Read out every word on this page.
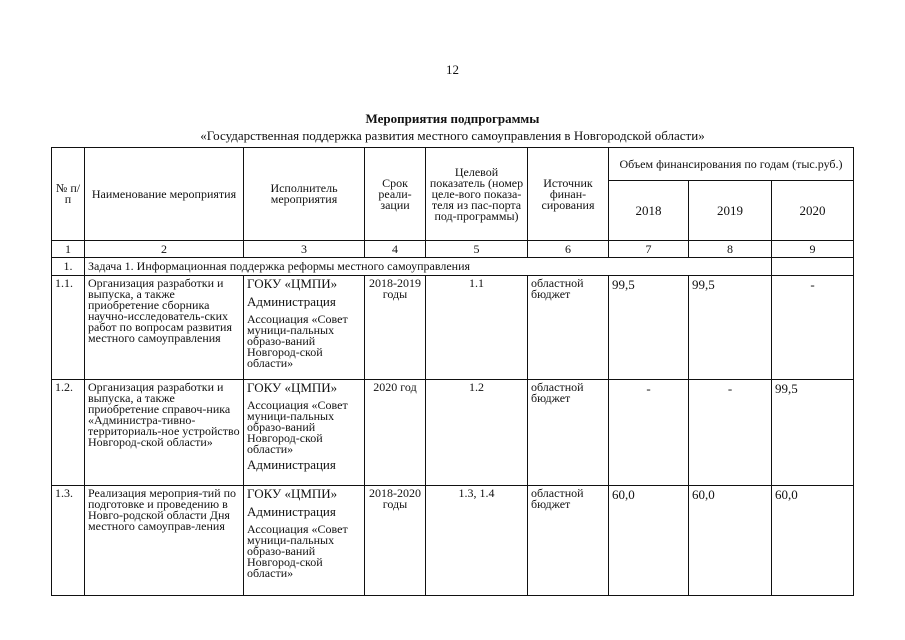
12
Мероприятия подпрограммы
«Государственная поддержка развития местного самоуправления в Новгородской области»
№ п/п	Наименование мероприятия	Исполнитель мероприятия	Срок реали-зации	Целевой показатель (номер целе-вого показа-теля из пас-порта под-программы)	Источник финан-сирования	Объем финансирования по годам (тыс.руб.)		
						2018	2019	2020
1	2	3	4	5	6	7	8	9
1.	Задача 1. Информационная поддержка реформы местного самоуправления							
1.1.	Организация разработки и выпуска, а также приобретение сборника научно-исследователь-ских работ по вопросам развития местного самоуправления	ГОКУ «ЦМПИ»
Администрация
Ассоциация «Совет муници-пальных образо-ваний Новгород-ской области»	2018-2019 годы	1.1	областной бюджет	99,5	99,5	-
1.2.	Организация разработки и выпуска, а также приобретение справоч-ника «Администра-тивно-территориаль-ное устройство Новгород-ской области»	ГОКУ «ЦМПИ»
Ассоциация «Совет муници-пальных образо-ваний Новгород-ской области»
Администрация	2020 год	1.2	областной бюджет	-	-	99,5
1.3.	Реализация мероприя-тий по подготовке и проведению в Новго-родской области Дня местного самоуправ-ления	ГОКУ «ЦМПИ»
Администрация
Ассоциация «Совет муници-пальных образо-ваний Новгород-ской области»	2018-2020 годы	1.3, 1.4	областной бюджет	60,0	60,0	60,0
